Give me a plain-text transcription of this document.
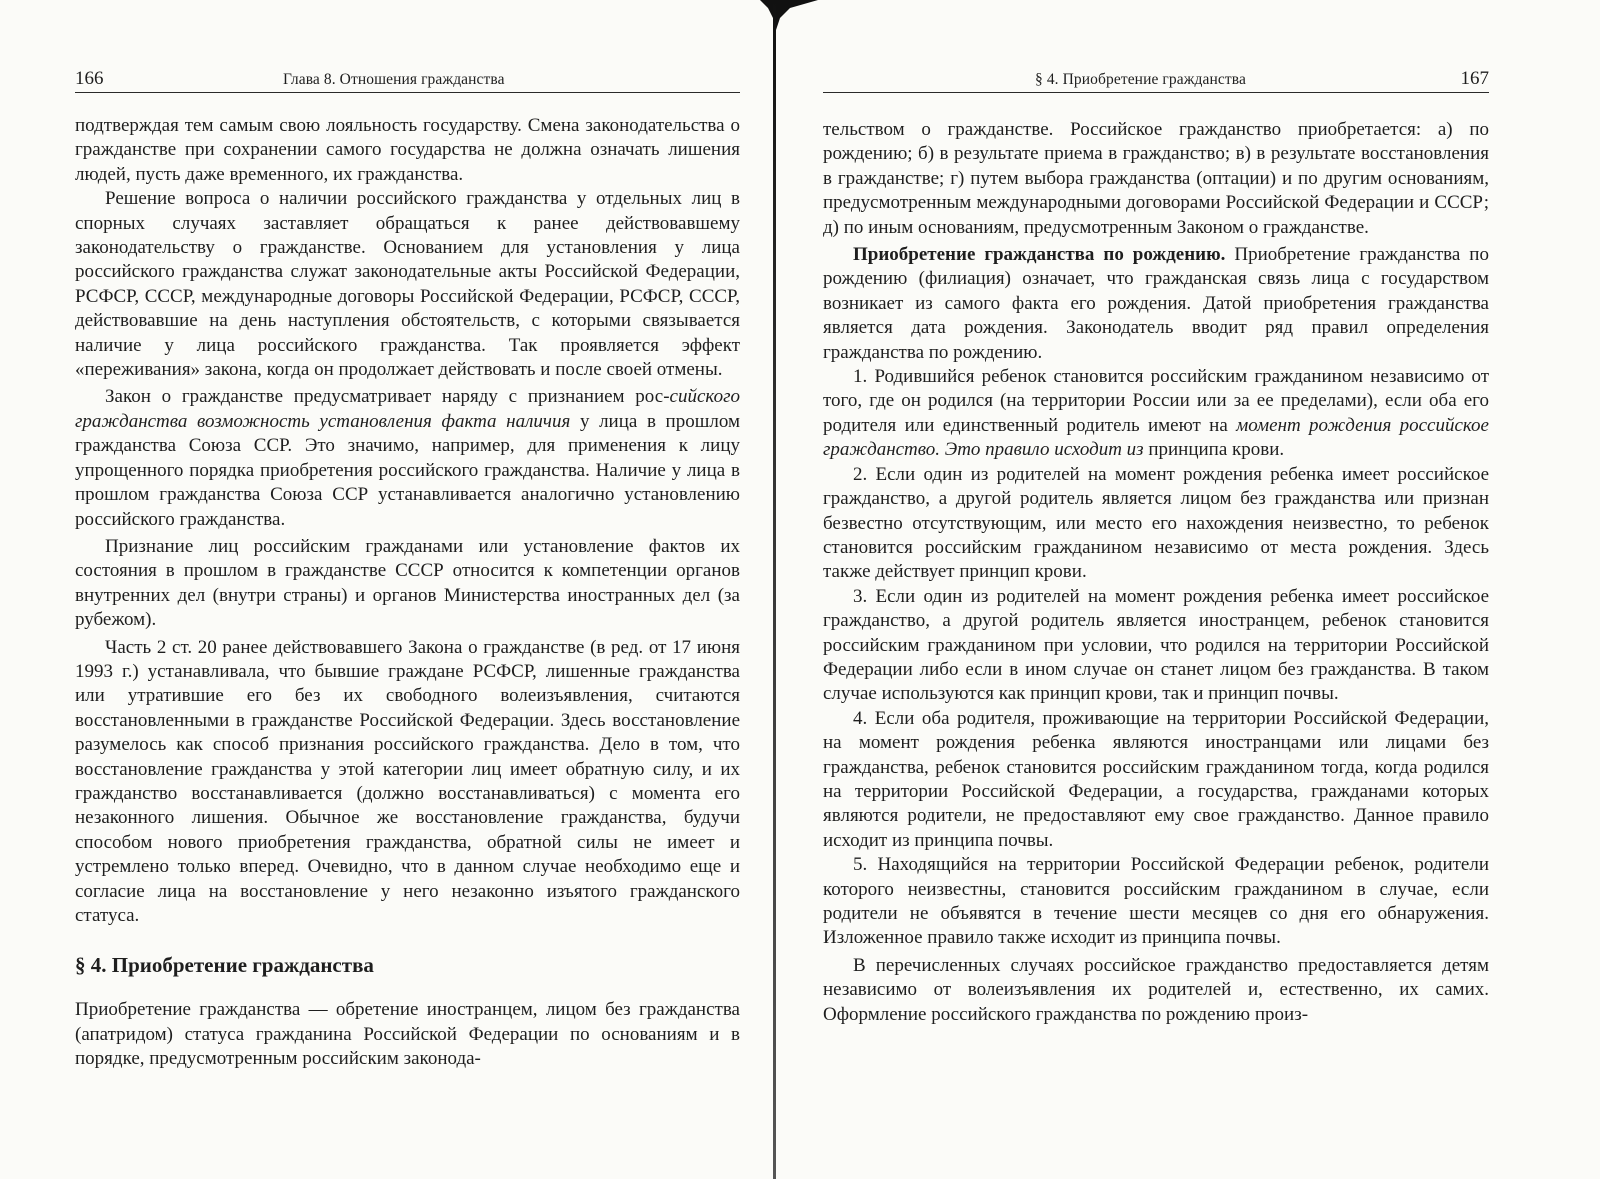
166	Глава 8. Отношения гражданства

подтверждая тем самым свою лояльность государству. Смена законодательства о гражданстве при сохранении самого государства не должна означать лишения людей, пусть даже временного, их гражданства.

Решение вопроса о наличии российского гражданства у отдельных лиц в спорных случаях заставляет обращаться к ранее действовавшему законодательству о гражданстве. Основанием для установления у лица российского гражданства служат законодательные акты Российской Федерации, РСФСР, СССР, международные договоры Российской Федерации, РСФСР, СССР, действовавшие на день наступления обстоятельств, с которыми связывается наличие у лица российского гражданства. Так проявляется эффект «переживания» закона, когда он продолжает действовать и после своей отмены.

Закон о гражданстве предусматривает наряду с признанием рос-сийского гражданства возможность установления факта наличия у лица в прошлом гражданства Союза ССР. Это значимо, например, для применения к лицу упрощенного порядка приобретения российского гражданства. Наличие у лица в прошлом гражданства Союза ССР устанавливается аналогично установлению российского гражданства.

Признание лиц российским гражданами или установление фактов их состояния в прошлом в гражданстве СССР относится к компетенции органов внутренних дел (внутри страны) и органов Министерства иностранных дел (за рубежом).

Часть 2 ст. 20 ранее действовавшего Закона о гражданстве (в ред. от 17 июня 1993 г.) устанавливала, что бывшие граждане РСФСР, лишенные гражданства или утратившие его без их свободного волеизъявления, считаются восстановленными в гражданстве Российской Федерации. Здесь восстановление разумелось как способ признания российского гражданства. Дело в том, что восстановление гражданства у этой категории лиц имеет обратную силу, и их гражданство восстанавливается (должно восстанавливаться) с момента его незаконного лишения. Обычное же восстановление гражданства, будучи способом нового приобретения гражданства, обратной силы не имеет и устремлено только вперед. Очевидно, что в данном случае необходимо еще и согласие лица на восстановление у него незаконно изъятого гражданского статуса.

§ 4. Приобретение гражданства

Приобретение гражданства — обретение иностранцем, лицом без гражданства (апатридом) статуса гражданина Российской Федерации по основаниям и в порядке, предусмотренным российским законода-

§ 4. Приобретение гражданства	167

тельством о гражданстве. Российское гражданство приобретается: а) по рождению; б) в результате приема в гражданство; в) в результате восстановления в гражданстве; г) путем выбора гражданства (оптации) и по другим основаниям, предусмотренным международными договорами Российской Федерации и СССР; д) по иным основаниям, предусмотренным Законом о гражданстве.

Приобретение гражданства по рождению. Приобретение гражданства по рождению (филиация) означает, что гражданская связь лица с государством возникает из самого факта его рождения. Датой приобретения гражданства является дата рождения. Законодатель вводит ряд правил определения гражданства по рождению.

1. Родившийся ребенок становится российским гражданином независимо от того, где он родился (на территории России или за ее пределами), если оба его родителя или единственный родитель имеют на момент рождения российское гражданство. Это правило исходит из принципа крови.

2. Если один из родителей на момент рождения ребенка имеет российское гражданство, а другой родитель является лицом без гражданства или признан безвестно отсутствующим, или место его нахождения неизвестно, то ребенок становится российским гражданином независимо от места рождения. Здесь также действует принцип крови.

3. Если один из родителей на момент рождения ребенка имеет российское гражданство, а другой родитель является иностранцем, ребенок становится российским гражданином при условии, что родился на территории Российской Федерации либо если в ином случае он станет лицом без гражданства. В таком случае используются как принцип крови, так и принцип почвы.

4. Если оба родителя, проживающие на территории Российской Федерации, на момент рождения ребенка являются иностранцами или лицами без гражданства, ребенок становится российским гражданином тогда, когда родился на территории Российской Федерации, а государства, гражданами которых являются родители, не предоставляют ему свое гражданство. Данное правило исходит из принципа почвы.

5. Находящийся на территории Российской Федерации ребенок, родители которого неизвестны, становится российским гражданином в случае, если родители не объявятся в течение шести месяцев со дня его обнаружения. Изложенное правило также исходит из принципа почвы.

В перечисленных случаях российское гражданство предоставляется детям независимо от волеизъявления их родителей и, естественно, их самих. Оформление российского гражданства по рождению произ-
